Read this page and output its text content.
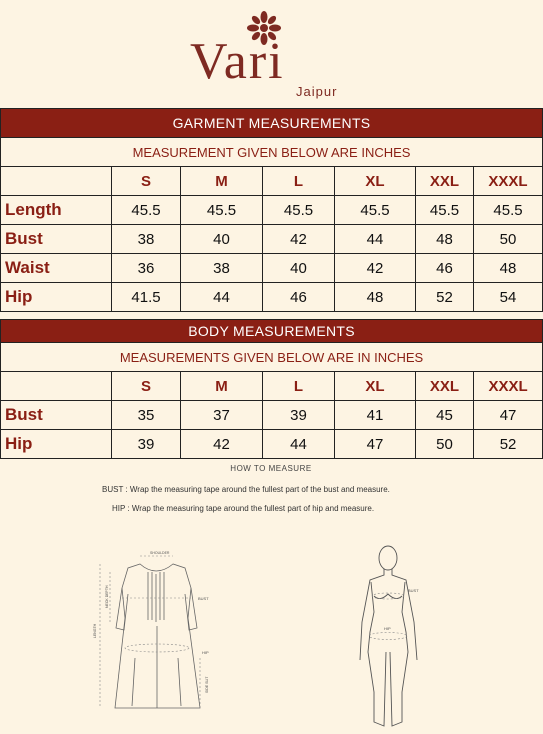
Vari
Jaipur
GARMENT MEASUREMENTS						
MEASUREMENT GIVEN BELOW ARE INCHES						
	S	M	L	XL	XXL	XXXL
Length	45.5	45.5	45.5	45.5	45.5	45.5
Bust	38	40	42	44	48	50
Waist	36	38	40	42	46	48
Hip	41.5	44	46	48	52	54
BODY MEASUREMENTS						
MEASUREMENTS GIVEN BELOW ARE IN INCHES						
	S	M	L	XL	XXL	XXXL
Bust	35	37	39	41	45	47
Hip	39	42	44	47	50	52
HOW TO MEASURE
BUST : Wrap the measuring tape around the fullest part of the bust and measure.
HIP : Wrap the measuring tape around the fullest part of hip and measure.
SHOULDER
BUST
HIP
LENGTH
NECK DEPTH
SIDE SLIT
BUST
HIP
